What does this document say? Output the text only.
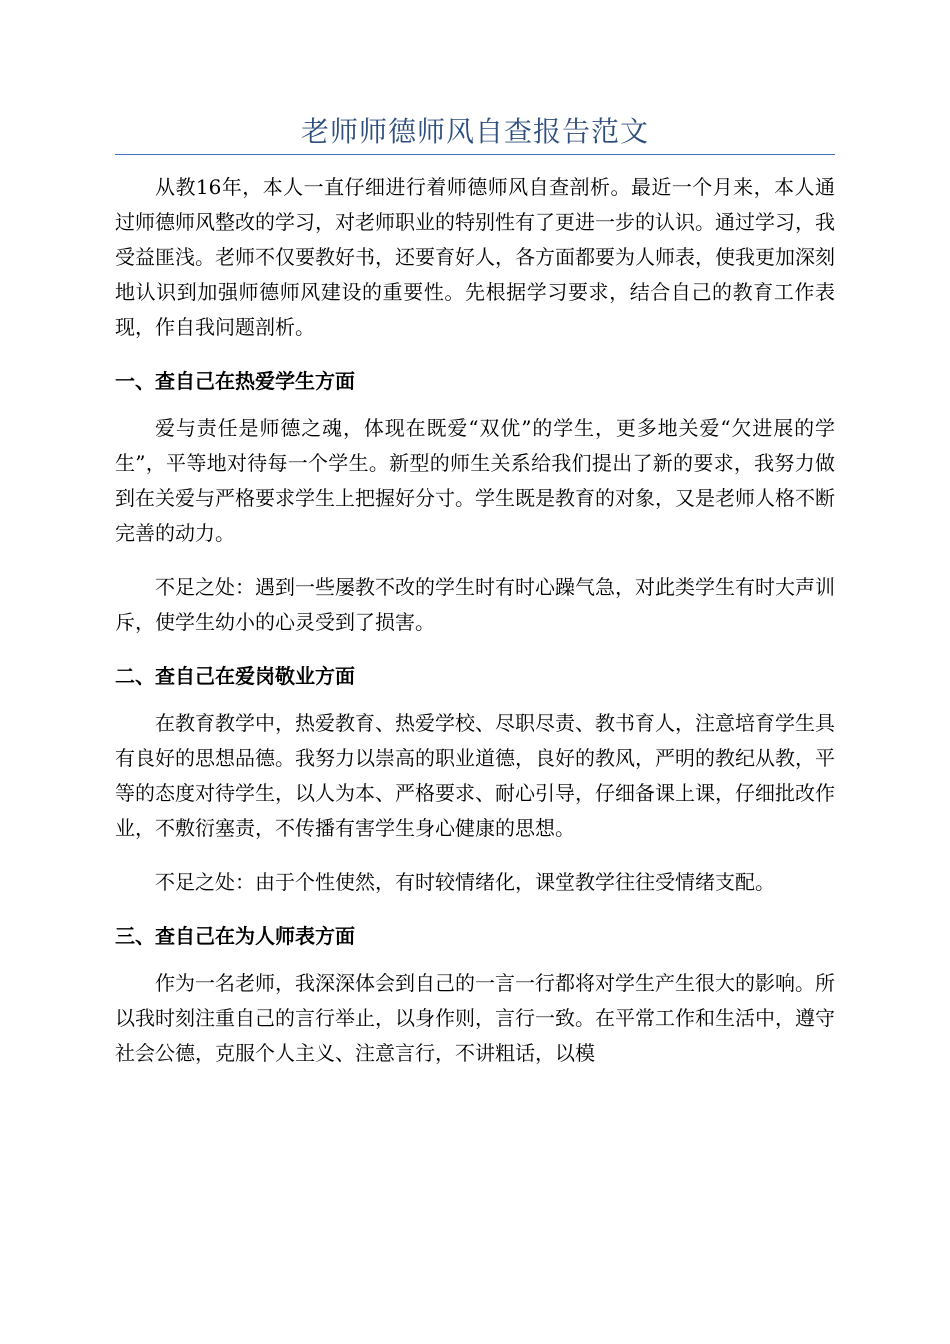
老师师德师风自查报告范文

从教16年，本人一直仔细进行着师德师风自查剖析。最近一个月来，本人通过师德师风整改的学习，对老师职业的特别性有了更进一步的认识。通过学习，我受益匪浅。老师不仅要教好书，还要育好人，各方面都要为人师表，使我更加深刻地认识到加强师德师风建设的重要性。先根据学习要求，结合自己的教育工作表现，作自我问题剖析。

一、查自己在热爱学生方面

爱与责任是师德之魂，体现在既爱“双优”的学生，更多地关爱“欠进展的学生”，平等地对待每一个学生。新型的师生关系给我们提出了新的要求，我努力做到在关爱与严格要求学生上把握好分寸。学生既是教育的对象，又是老师人格不断完善的动力。

不足之处：遇到一些屡教不改的学生时有时心躁气急，对此类学生有时大声训斥，使学生幼小的心灵受到了损害。

二、查自己在爱岗敬业方面

在教育教学中，热爱教育、热爱学校、尽职尽责、教书育人，注意培育学生具有良好的思想品德。我努力以崇高的职业道德，良好的教风，严明的教纪从教，平等的态度对待学生，以人为本、严格要求、耐心引导，仔细备课上课，仔细批改作业，不敷衍塞责，不传播有害学生身心健康的思想。

不足之处：由于个性使然，有时较情绪化，课堂教学往往受情绪支配。

三、查自己在为人师表方面

作为一名老师，我深深体会到自己的一言一行都将对学生产生很大的影响。所以我时刻注重自己的言行举止，以身作则，言行一致。在平常工作和生活中，遵守社会公德，克服个人主义、注意言行，不讲粗话，以模
